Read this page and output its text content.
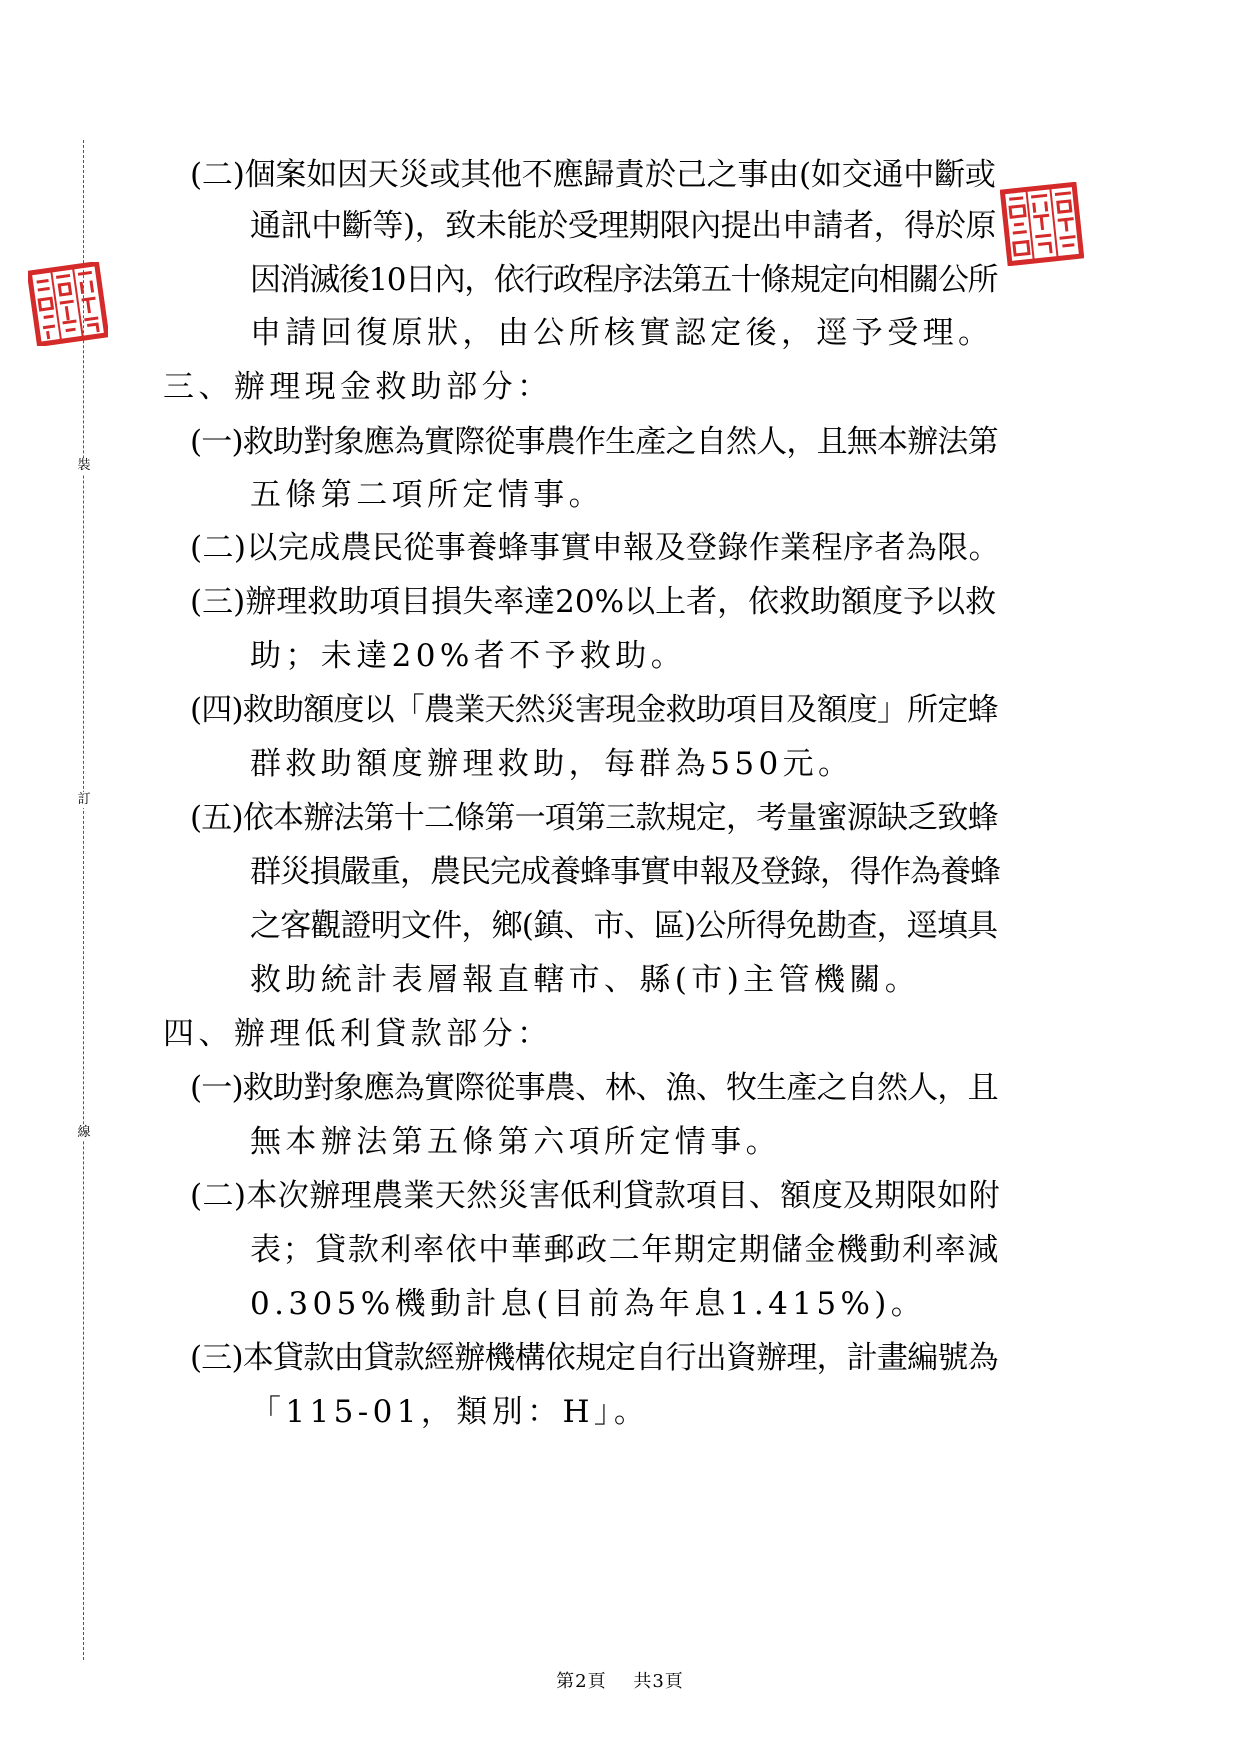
裝
訂
線
(二)個案如因天災或其他不應歸責於己之事由(如交通中斷或
通訊中斷等)，致未能於受理期限內提出申請者，得於原
因消滅後10日內，依行政程序法第五十條規定向相關公所
申請回復原狀，由公所核實認定後，逕予受理。
三、辦理現金救助部分：
(一)救助對象應為實際從事農作生產之自然人，且無本辦法第
五條第二項所定情事。
(二)以完成農民從事養蜂事實申報及登錄作業程序者為限。
(三)辦理救助項目損失率達20%以上者，依救助額度予以救
助；未達20%者不予救助。
(四)救助額度以「農業天然災害現金救助項目及額度」所定蜂
群救助額度辦理救助，每群為550元。
(五)依本辦法第十二條第一項第三款規定，考量蜜源缺乏致蜂
群災損嚴重，農民完成養蜂事實申報及登錄，得作為養蜂
之客觀證明文件，鄉(鎮、市、區)公所得免勘查，逕填具
救助統計表層報直轄市、縣(市)主管機關。
四、辦理低利貸款部分：
(一)救助對象應為實際從事農、林、漁、牧生產之自然人，且
無本辦法第五條第六項所定情事。
(二)本次辦理農業天然災害低利貸款項目、額度及期限如附
表；貸款利率依中華郵政二年期定期儲金機動利率減
0.305%機動計息(目前為年息1.415%)。
(三)本貸款由貸款經辦機構依規定自行出資辦理，計畫編號為
「115-01，類別：H」。
第2頁 共3頁
